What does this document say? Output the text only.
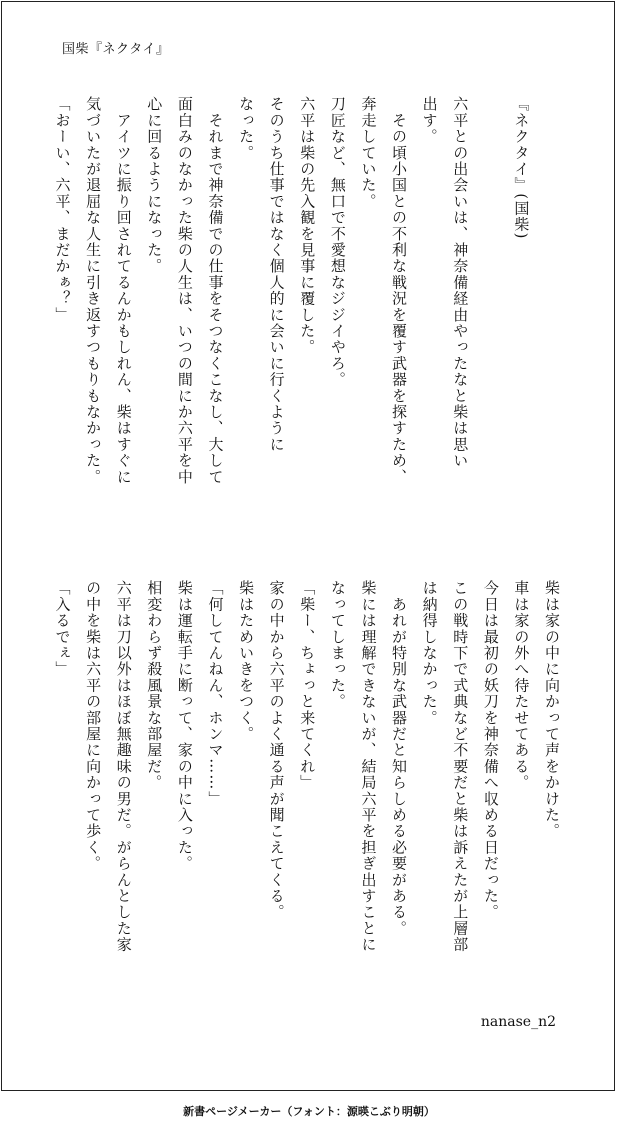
国柴『ネクタイ』
『ネクタイ』(国柴)
六平との出会いは、神奈備経由やったなと柴は思い
出す。
　その頃小国との不利な戦況を覆す武器を探すため、
奔走していた。
刀匠など、無口で不愛想なジジイやろ。
六平は柴の先入観を見事に覆した。
そのうち仕事ではなく個人的に会いに行くように
なった。
　それまで神奈備での仕事をそつなくこなし、大して
面白みのなかった柴の人生は、いつの間にか六平を中
心に回るようになった。
　アイツに振り回されてるんかもしれん、柴はすぐに
気づいたが退屈な人生に引き返すつもりもなかった。
「おーい、六平、まだかぁ？」
柴は家の中に向かって声をかけた。
車は家の外へ待たせてある。
今日は最初の妖刀を神奈備へ収める日だった。
この戦時下で式典など不要だと柴は訴えたが上層部
は納得しなかった。
　あれが特別な武器だと知らしめる必要がある。
柴には理解できないが、結局六平を担ぎ出すことに
なってしまった。
「柴ー、ちょっと来てくれ」
家の中から六平のよく通る声が聞こえてくる。
柴はためいきをつく。
「何してんねん、ホンマ……」
柴は運転手に断って、家の中に入った。
相変わらず殺風景な部屋だ。
六平は刀以外はほぼ無趣味の男だ。がらんとした家
の中を柴は六平の部屋に向かって歩く。
「入るでぇ」
nanase_n2
新書ページメーカー（フォント：源暎こぶり明朝）
